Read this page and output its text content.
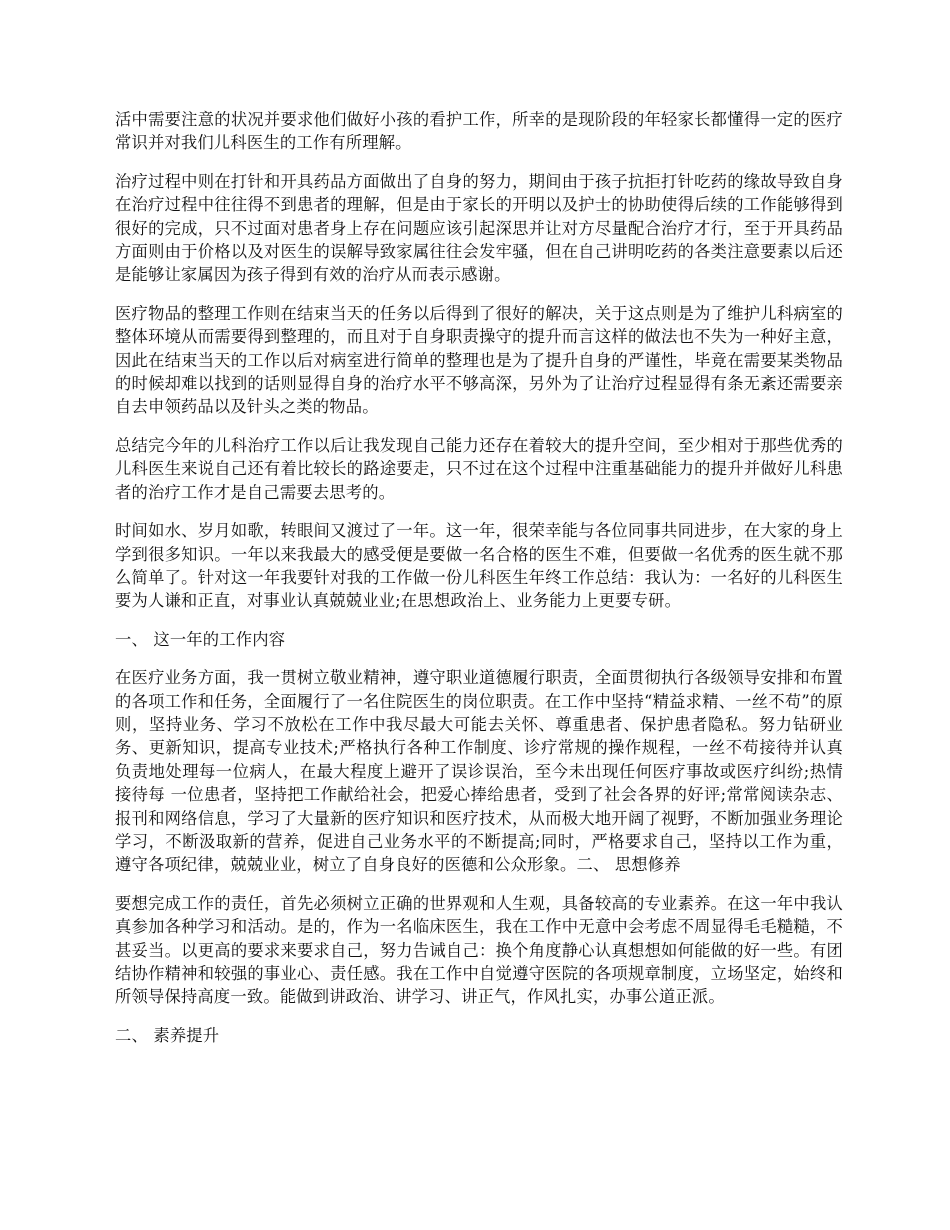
活中需要注意的状况并要求他们做好小孩的看护工作，所幸的是现阶段的年轻家长都懂得一定的医疗常识并对我们儿科医生的工作有所理解。

治疗过程中则在打针和开具药品方面做出了自身的努力，期间由于孩子抗拒打针吃药的缘故导致自身在治疗过程中往往得不到患者的理解，但是由于家长的开明以及护士的协助使得后续的工作能够得到很好的完成，只不过面对患者身上存在问题应该引起深思并让对方尽量配合治疗才行，至于开具药品方面则由于价格以及对医生的误解导致家属往往会发牢骚，但在自己讲明吃药的各类注意要素以后还是能够让家属因为孩子得到有效的治疗从而表示感谢。

医疗物品的整理工作则在结束当天的任务以后得到了很好的解决，关于这点则是为了维护儿科病室的整体环境从而需要得到整理的，而且对于自身职责操守的提升而言这样的做法也不失为一种好主意，因此在结束当天的工作以后对病室进行简单的整理也是为了提升自身的严谨性，毕竟在需要某类物品的时候却难以找到的话则显得自身的治疗水平不够高深，另外为了让治疗过程显得有条无紊还需要亲自去申领药品以及针头之类的物品。

总结完今年的儿科治疗工作以后让我发现自己能力还存在着较大的提升空间，至少相对于那些优秀的儿科医生来说自己还有着比较长的路途要走，只不过在这个过程中注重基础能力的提升并做好儿科患者的治疗工作才是自己需要去思考的。

时间如水、岁月如歌，转眼间又渡过了一年。这一年，很荣幸能与各位同事共同进步，在大家的身上学到很多知识。一年以来我最大的感受便是要做一名合格的医生不难，但要做一名优秀的医生就不那么简单了。针对这一年我要针对我的工作做一份儿科医生年终工作总结：我认为：一名好的儿科医生要为人谦和正直，对事业认真兢兢业业;在思想政治上、业务能力上更要专研。

一、 这一年的工作内容

在医疗业务方面，我一贯树立敬业精神，遵守职业道德履行职责，全面贯彻执行各级领导安排和布置的各项工作和任务，全面履行了一名住院医生的岗位职责。在工作中坚持“精益求精、一丝不苟”的原则，坚持业务、学习不放松在工作中我尽最大可能去关怀、尊重患者、保护患者隐私。努力钻研业务、更新知识，提高专业技术;严格执行各种工作制度、诊疗常规的操作规程，一丝不苟接待并认真负责地处理每一位病人，在最大程度上避开了误诊误治，至今未出现任何医疗事故或医疗纠纷;热情接待每 一位患者，坚持把工作献给社会，把爱心捧给患者，受到了社会各界的好评;常常阅读杂志、报刊和网络信息，学习了大量新的医疗知识和医疗技术，从而极大地开阔了视野，不断加强业务理论学习，不断汲取新的营养，促进自己业务水平的不断提高;同时，严格要求自己，坚持以工作为重，遵守各项纪律，兢兢业业，树立了自身良好的医德和公众形象。二、 思想修养

要想完成工作的责任，首先必须树立正确的世界观和人生观，具备较高的专业素养。在这一年中我认真参加各种学习和活动。是的，作为一名临床医生，我在工作中无意中会考虑不周显得毛毛糙糙，不甚妥当。以更高的要求来要求自己，努力告诫自己：换个角度静心认真想想如何能做的好一些。有团结协作精神和较强的事业心、责任感。我在工作中自觉遵守医院的各项规章制度，立场坚定，始终和所领导保持高度一致。能做到讲政治、讲学习、讲正气，作风扎实，办事公道正派。

二、 素养提升
